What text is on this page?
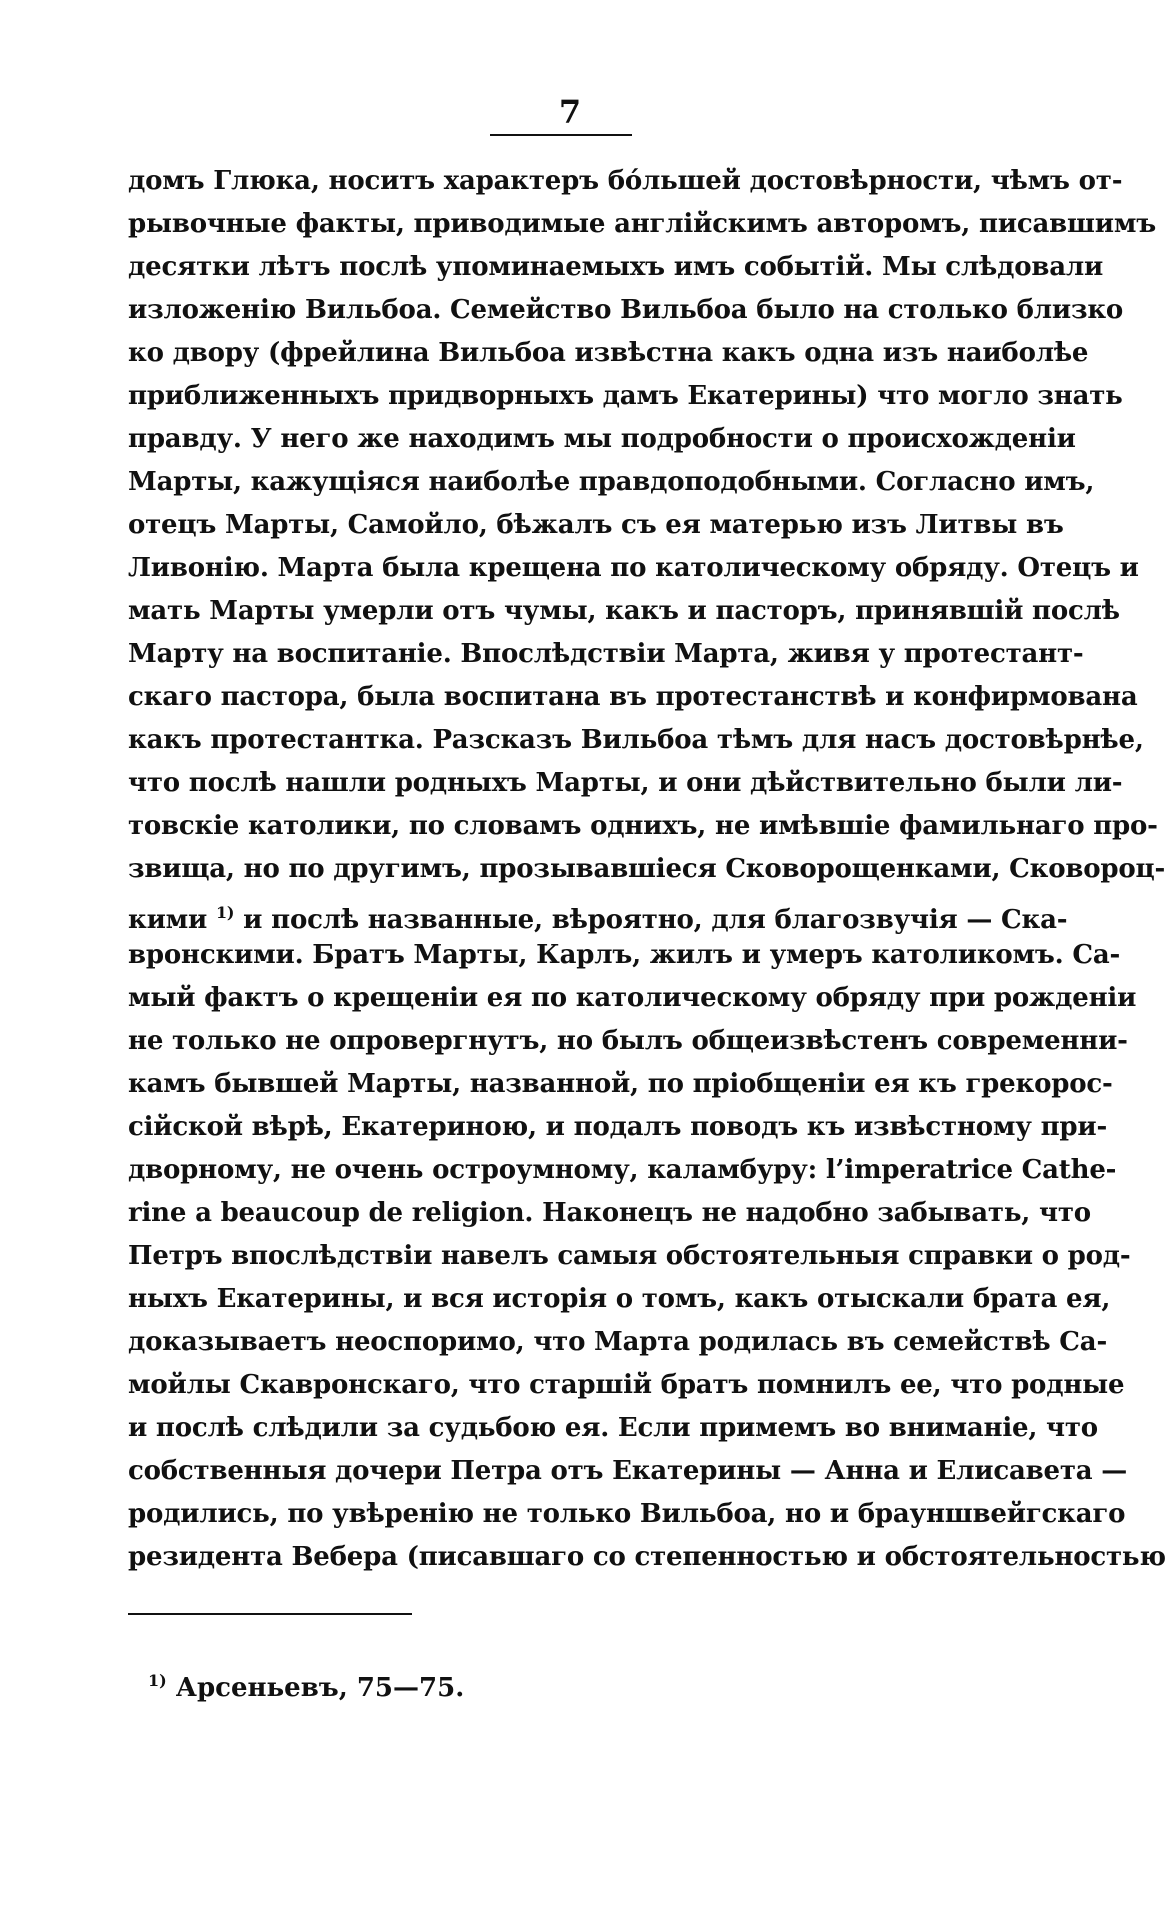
7
домъ Глюка, носитъ характеръ бóльшей достовѣрности, чѣмъ от-
рывочные факты, приводимые англійскимъ авторомъ, писавшимъ
десятки лѣтъ послѣ упоминаемыхъ имъ событій. Мы слѣдовали
изложенію Вильбоа. Семейство Вильбоа было на столько близко
ко двору (фрейлина Вильбоа извѣстна какъ одна изъ наиболѣе
приближенныхъ придворныхъ дамъ Екатерины) что могло знать
правду. У него же находимъ мы подробности о происхожденіи
Марты, кажущіяся наиболѣе правдоподобными. Согласно имъ,
отецъ Марты, Самойло, бѣжалъ съ ея матерью изъ Литвы въ
Ливонію. Марта была крещена по католическому обряду. Отецъ и
мать Марты умерли отъ чумы, какъ и пасторъ, принявшій послѣ
Марту на воспитаніе. Впослѣдствіи Марта, живя у протестант-
скаго пастора, была воспитана въ протестанствѣ и конфирмована
какъ протестантка. Разсказъ Вильбоа тѣмъ для насъ достовѣрнѣе,
что послѣ нашли родныхъ Марты, и они дѣйствительно были ли-
товскіе католики, по словамъ однихъ, не имѣвшіе фамильнаго про-
звища, но по другимъ, прозывавшіеся Сковорощенками, Сковороц-
кими $^{1)}$ и послѣ названные, вѣроятно, для благозвучія — Ска-
вронскими. Братъ Марты, Карлъ, жилъ и умеръ католикомъ. Са-
мый фактъ о крещеніи ея по католическому обряду при рожденіи
не только не опровергнутъ, но былъ общеизвѣстенъ современни-
камъ бывшей Марты, названной, по пріобщеніи ея къ грекорос-
сійской вѣрѣ, Екатериною, и подалъ поводъ къ извѣстному при-
дворному, не очень остроумному, каламбуру: l’imperatrice Cathe-
rine a beaucoup de religion. Наконецъ не надобно забывать, что
Петръ впослѣдствіи навелъ самыя обстоятельныя справки о род-
ныхъ Екатерины, и вся исторія о томъ, какъ отыскали брата ея,
доказываетъ неоспоримо, что Марта родилась въ семействѣ Са-
мойлы Скавронскаго, что старшій братъ помнилъ ее, что родные
и послѣ слѣдили за судьбою ея. Если примемъ во вниманіе, что
собственныя дочери Петра отъ Екатерины — Анна и Елисавета —
родились, по увѣренію не только Вильбоа, но и брауншвейгскаго
резидента Вебера (писавшаго со степенностью и обстоятельностью
$^{1)}$ Арсеньевъ, 75—75.
